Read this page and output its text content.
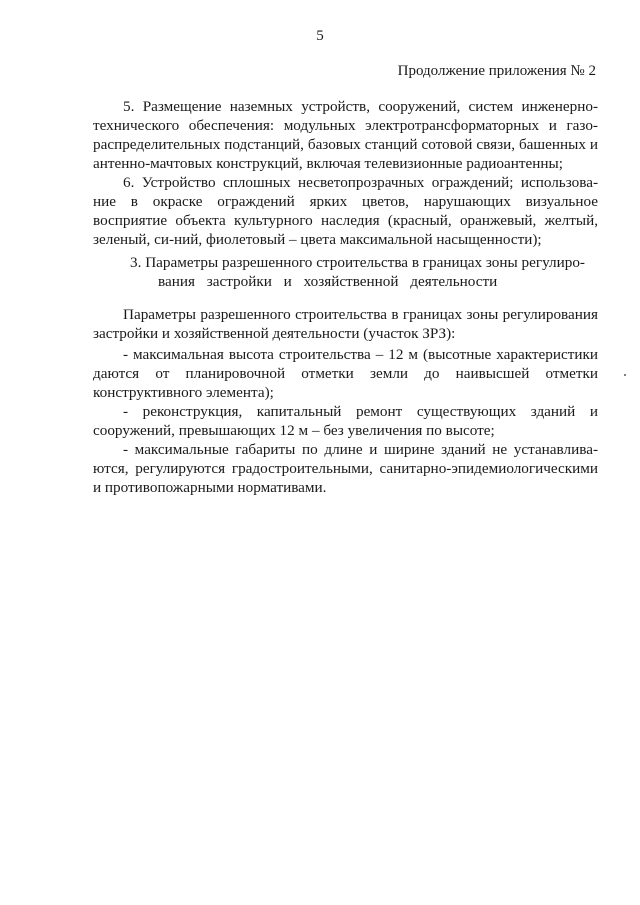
5
Продолжение приложения № 2

5. Размещение наземных устройств, сооружений, систем инженерно-технического обеспечения: модульных электротрансформаторных и газо-распределительных подстанций, базовых станций сотовой связи, башенных и антенно-мачтовых конструкций, включая телевизионные радиоантенны;

6. Устройство сплошных несветопрозрачных ограждений; использова-ние в окраске ограждений ярких цветов, нарушающих визуальное восприятие объекта культурного наследия (красный, оранжевый, желтый, зеленый, си-ний, фиолетовый – цвета максимальной насыщенности);

3. Параметры разрешенного строительства в границах зоны регулиро-
вания застройки и хозяйственной деятельности

Параметры разрешенного строительства в границах зоны регулирования застройки и хозяйственной деятельности (участок ЗРЗ):

- максимальная высота строительства – 12 м (высотные характеристики даются от планировочной отметки земли до наивысшей отметки конструктивного элемента);

- реконструкция, капитальный ремонт существующих зданий и сооружений, превышающих 12 м – без увеличения по высоте;

- максимальные габариты по длине и ширине зданий не устанавлива-ются, регулируются градостроительными, санитарно-эпидемиологическими и противопожарными нормативами.
